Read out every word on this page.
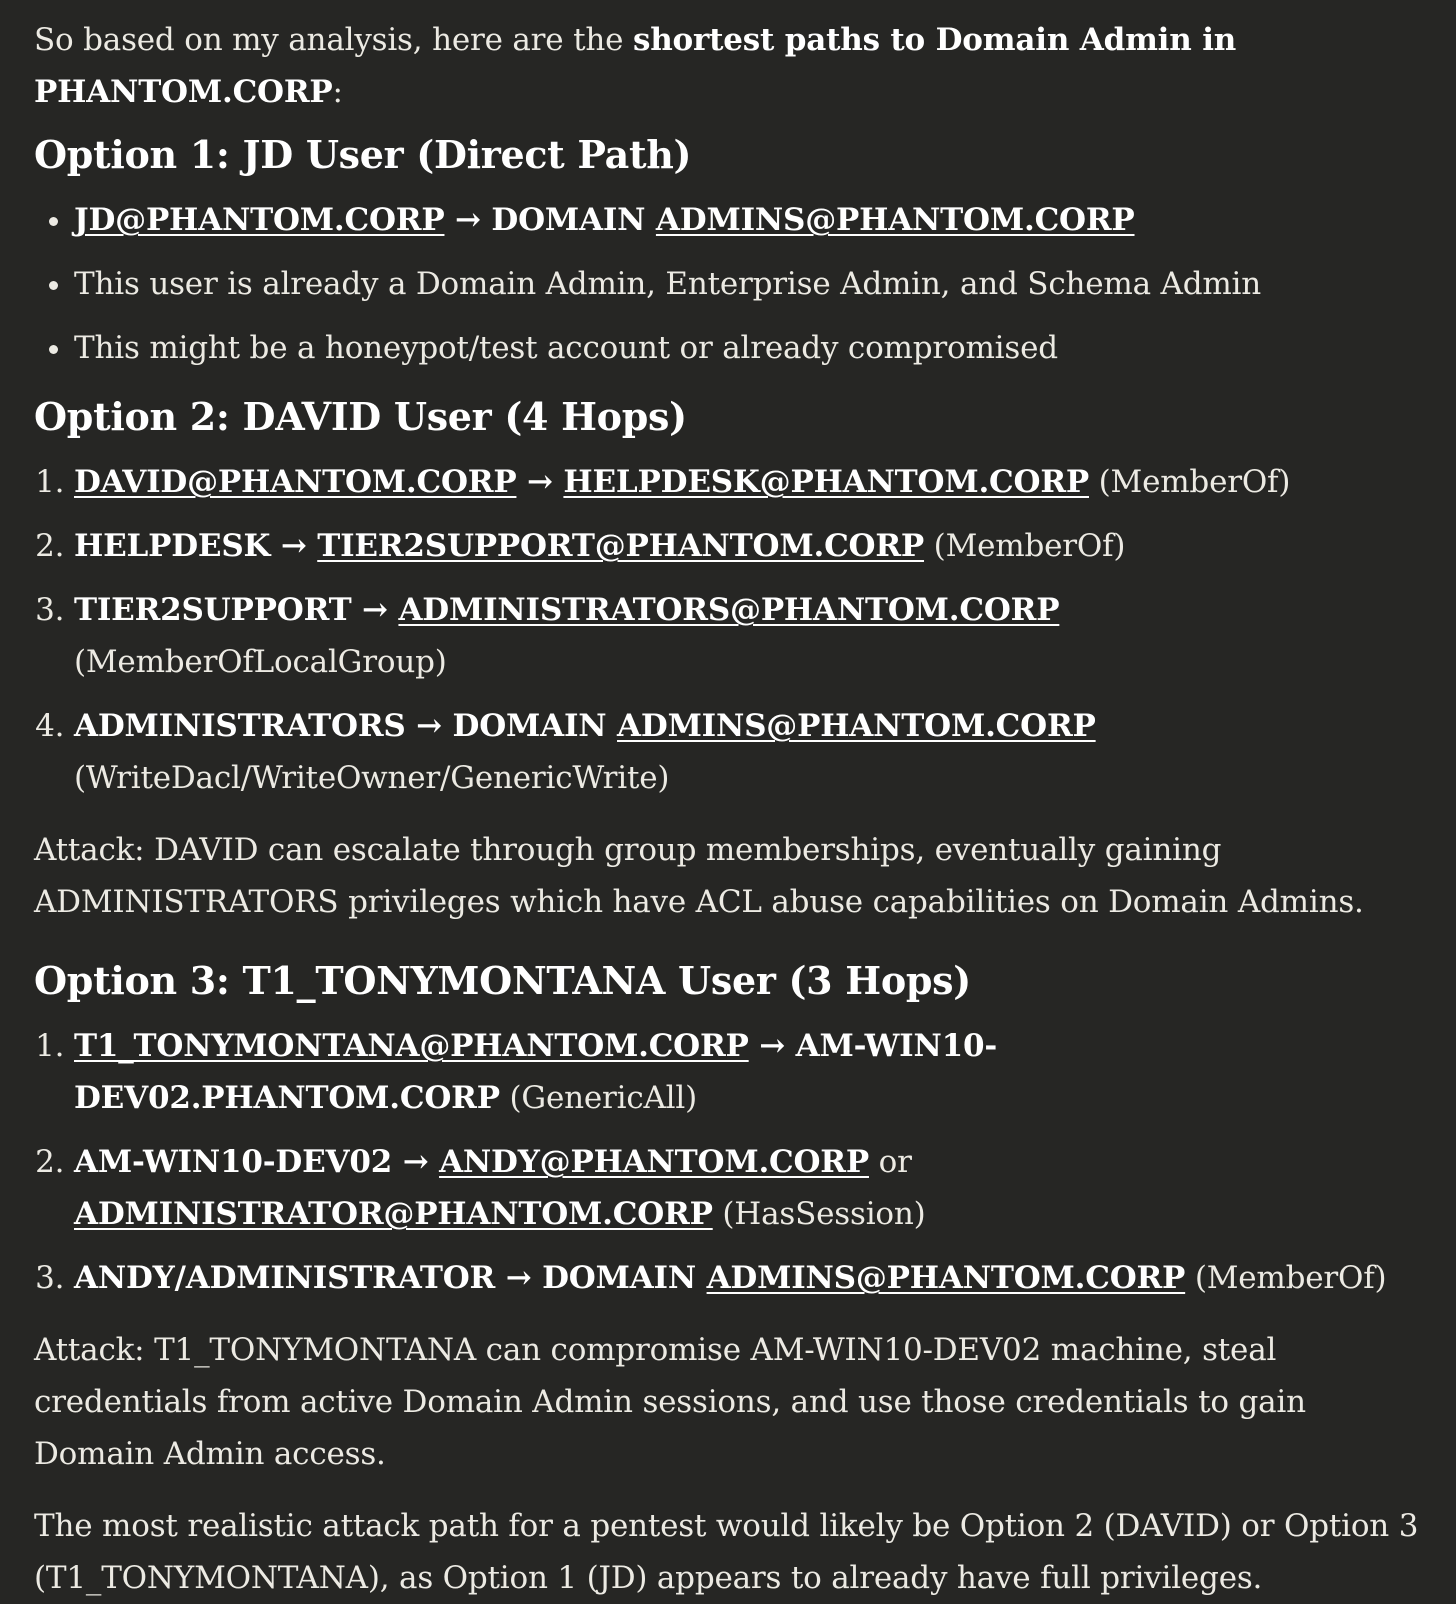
So based on my analysis, here are the shortest paths to Domain Admin in PHANTOM.CORP:

Option 1: JD User (Direct Path)
• JD@PHANTOM.CORP → DOMAIN ADMINS@PHANTOM.CORP
• This user is already a Domain Admin, Enterprise Admin, and Schema Admin
• This might be a honeypot/test account or already compromised
Option 2: DAVID User (4 Hops)
1. DAVID@PHANTOM.CORP → HELPDESK@PHANTOM.CORP (MemberOf)
2. HELPDESK → TIER2SUPPORT@PHANTOM.CORP (MemberOf)
3. TIER2SUPPORT → ADMINISTRATORS@PHANTOM.CORP (MemberOfLocalGroup)
4. ADMINISTRATORS → DOMAIN ADMINS@PHANTOM.CORP (WriteDacl/WriteOwner/GenericWrite)

Attack: DAVID can escalate through group memberships, eventually gaining ADMINISTRATORS privileges which have ACL abuse capabilities on Domain Admins.

Option 3: T1_TONYMONTANA User (3 Hops)
1. T1_TONYMONTANA@PHANTOM.CORP → AM-WIN10-DEV02.PHANTOM.CORP (GenericAll)
2. AM-WIN10-DEV02 → ANDY@PHANTOM.CORP or ADMINISTRATOR@PHANTOM.CORP (HasSession)
3. ANDY/ADMINISTRATOR → DOMAIN ADMINS@PHANTOM.CORP (MemberOf)

Attack: T1_TONYMONTANA can compromise AM-WIN10-DEV02 machine, steal credentials from active Domain Admin sessions, and use those credentials to gain Domain Admin access.

The most realistic attack path for a pentest would likely be Option 2 (DAVID) or Option 3 (T1_TONYMONTANA), as Option 1 (JD) appears to already have full privileges.
